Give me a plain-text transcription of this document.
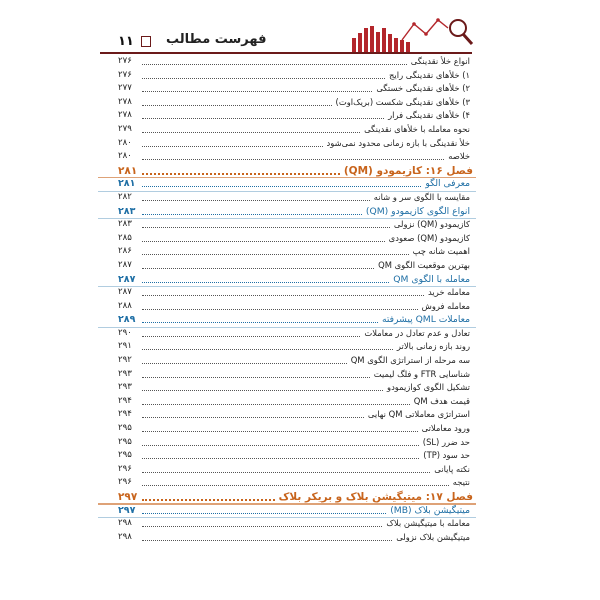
۱۱ فهرست مطالب
انواع خلأ نقدینگی
۲۷۶
۱) خلأهای نقدینگی رایج
۲۷۶
۲) خلأهای نقدینگی خستگی
۲۷۷
۳) خلأهای نقدینگی شکست (بریک‌اوت)
۲۷۸
۴) خلأهای نقدینگی فرار
۲۷۸
نحوه معامله با خلأهای نقدینگی
۲۷۹
خلأ نقدینگی با بازه زمانی محدود نمی‌شود
۲۸۰
خلاصه
۲۸۰
فصل ۱۶: کازیمودو (QM)
۲۸۱
معرفی الگو
۲۸۱
مقایسه با الگوی سر و شانه
۲۸۲
انواع الگوی کازیمودو (QM)
۲۸۳
کازیمودو (QM) نزولی
۲۸۳
کازیمودو (QM) صعودی
۲۸۵
اهمیت شانه چپ
۲۸۶
بهترین موقعیت الگوی QM
۲۸۷
معامله با الگوی QM
۲۸۷
معامله خرید
۲۸۷
معامله فروش
۲۸۸
معاملات QML پیشرفته
۲۸۹
تعادل و عدم تعادل در معاملات
۲۹۰
روند بازه زمانی بالاتر
۲۹۱
سه مرحله از استراتژی الگوی QM
۲۹۲
شناسایی FTR و فلگ لیمیت
۲۹۳
تشکیل الگوی کوازیمودو
۲۹۳
قیمت هدف QM
۲۹۴
استراتژی معاملاتی QM نهایی
۲۹۴
ورود معاملاتی
۲۹۵
حد ضرر (SL)
۲۹۵
حد سود (TP)
۲۹۵
نکته پایانی
۲۹۶
نتیجه
۲۹۶
فصل ۱۷: میتیگیشن بلاک و بریکر بلاک
۲۹۷
میتیگیشن بلاک (MB)
۲۹۷
معامله با میتیگیشن بلاک
۲۹۸
میتیگیشن بلاک نزولی
۲۹۸
